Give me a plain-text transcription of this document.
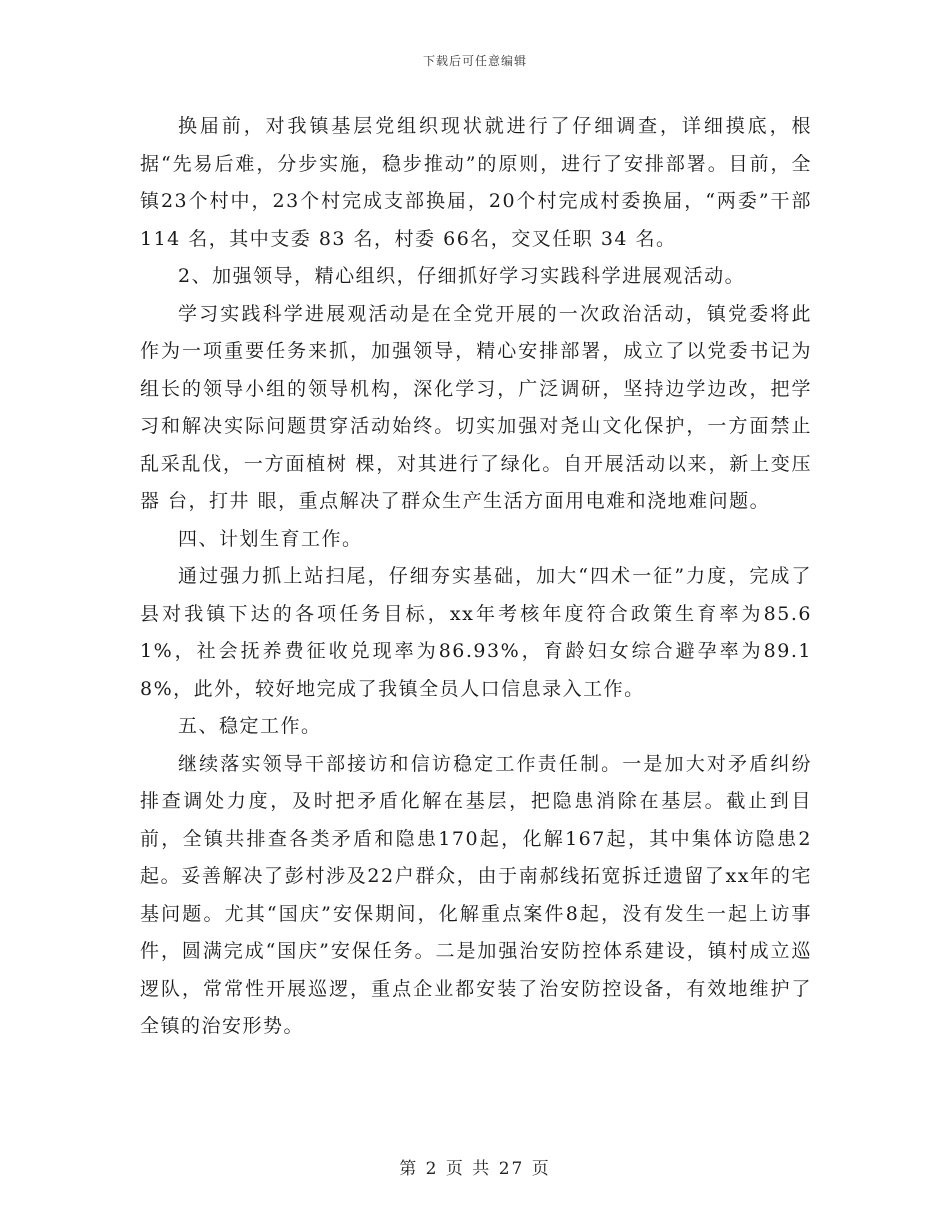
下载后可任意编辑

换届前，对我镇基层党组织现状就进行了仔细调查，详细摸底，根据“先易后难，分步实施，稳步推动”的原则，进行了安排部署。目前，全镇23个村中，23个村完成支部换届，20个村完成村委换届，“两委”干部 114 名，其中支委 83 名，村委 66名，交叉任职 34 名。

2、加强领导，精心组织，仔细抓好学习实践科学进展观活动。

学习实践科学进展观活动是在全党开展的一次政治活动，镇党委将此作为一项重要任务来抓，加强领导，精心安排部署，成立了以党委书记为组长的领导小组的领导机构，深化学习，广泛调研，坚持边学边改，把学习和解决实际问题贯穿活动始终。切实加强对尧山文化保护，一方面禁止乱采乱伐，一方面植树 棵，对其进行了绿化。自开展活动以来，新上变压器 台，打井 眼，重点解决了群众生产生活方面用电难和浇地难问题。

四、计划生育工作。

通过强力抓上站扫尾，仔细夯实基础，加大“四术一征”力度，完成了县对我镇下达的各项任务目标，xx年考核年度符合政策生育率为85.61%，社会抚养费征收兑现率为86.93%，育龄妇女综合避孕率为89.18%，此外，较好地完成了我镇全员人口信息录入工作。

五、稳定工作。

继续落实领导干部接访和信访稳定工作责任制。一是加大对矛盾纠纷排查调处力度，及时把矛盾化解在基层，把隐患消除在基层。截止到目前，全镇共排查各类矛盾和隐患170起，化解167起，其中集体访隐患2起。妥善解决了彭村涉及22户群众，由于南郝线拓宽拆迁遗留了xx年的宅基问题。尤其“国庆”安保期间，化解重点案件8起，没有发生一起上访事件，圆满完成“国庆”安保任务。二是加强治安防控体系建设，镇村成立巡逻队，常常性开展巡逻，重点企业都安装了治安防控设备，有效地维护了全镇的治安形势。

第 2 页 共 27 页
